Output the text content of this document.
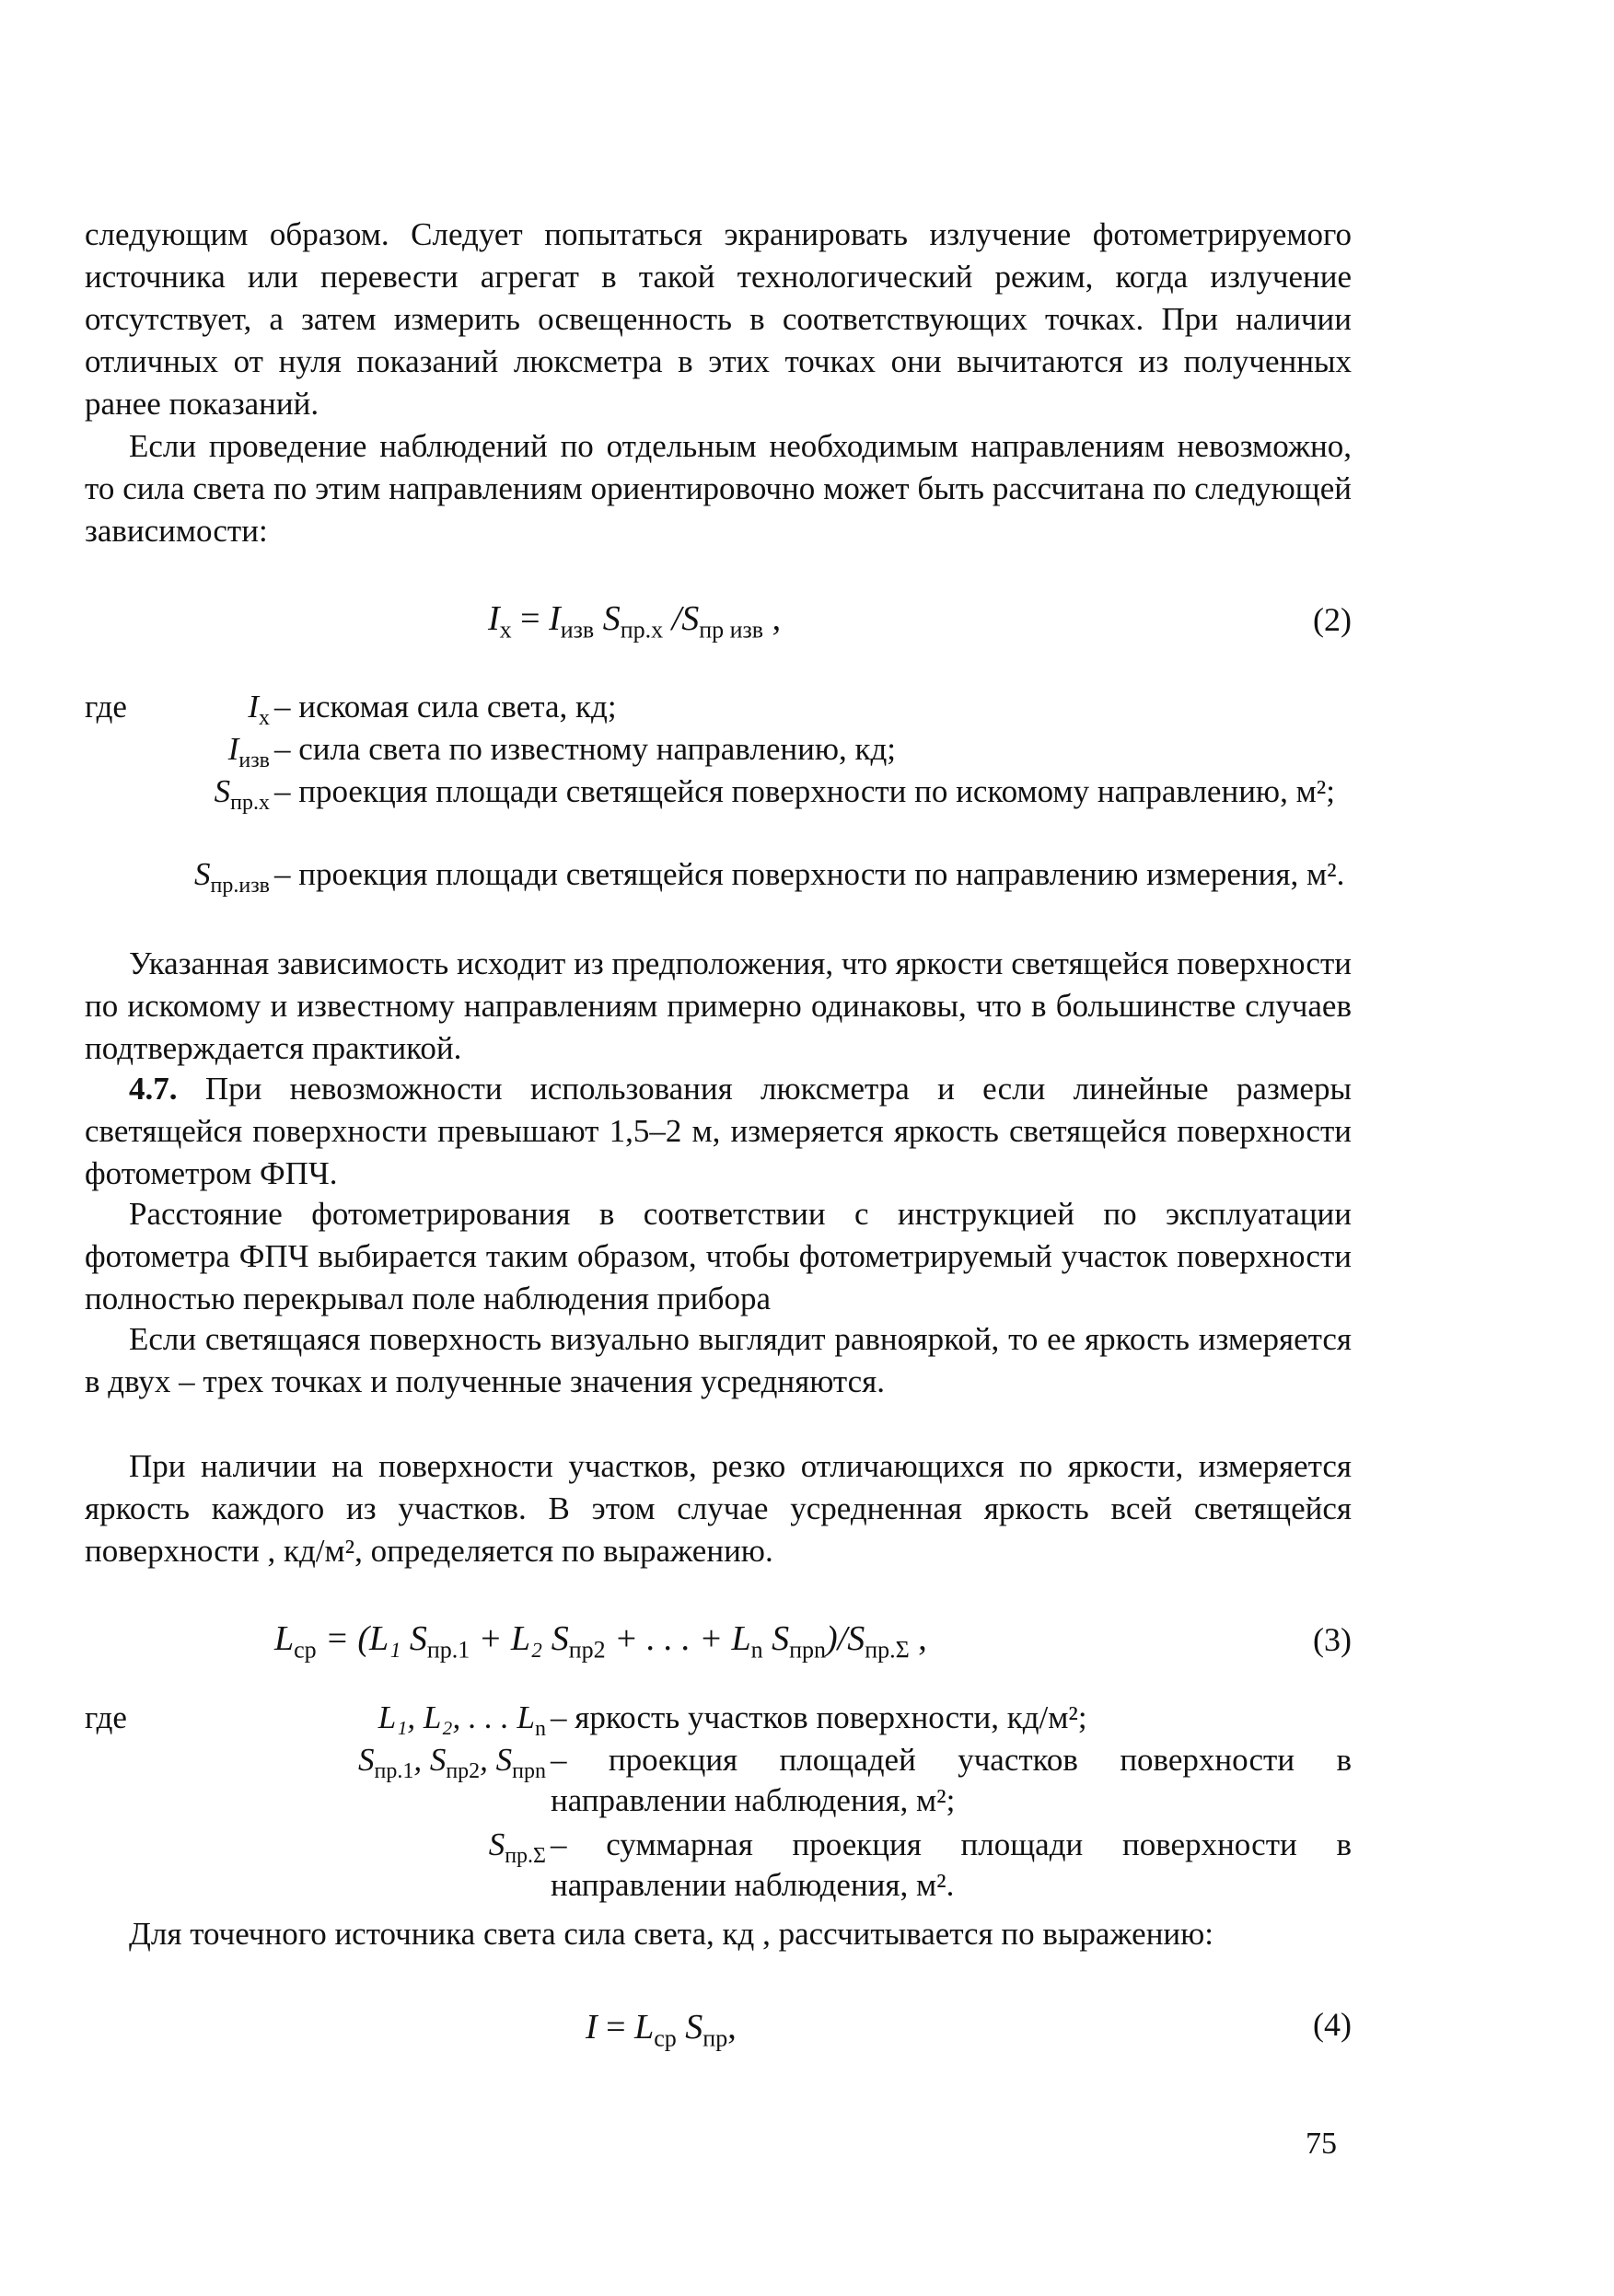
следующим образом. Следует попытаться экранировать излучение фотометрируемого источника или перевести агрегат в такой технологический режим, когда излучение отсутствует, а затем измерить освещенность в соответствующих точках. При наличии отличных от нуля показаний люксметра в этих точках они вычитаются из полученных ранее показаний.

Если проведение наблюдений по отдельным необходимым направлениям невозможно, то сила света по этим направлениям ориентировочно может быть рассчитана по следующей зависимости:

$I_x = I_{изв}$ $S_{пр.x}$ $/S_{пр изв}$ ,	(2)
где	$I_x$ – искомая сила света, кд;
$I_{изв}$ – сила света по известному направлению, кд;
$S_{пр.x}$ – проекция площади светящейся поверхности по искомому направлению, м²;
$S_{пр.изв}$ – проекция площади светящейся поверхности по направлению измерения, м².

Указанная зависимость исходит из предположения, что яркости светящейся поверхности по искомому и известному направлениям примерно одинаковы, что в большинстве случаев подтверждается практикой.

4.7. При невозможности использования люксметра и если линейные размеры светящейся поверхности превышают 1,5–2 м, измеряется яркость светящейся поверхности фотометром ФПЧ.

Расстояние фотометрирования в соответствии с инструкцией по эксплуатации фотометра ФПЧ выбирается таким образом, чтобы фотометрируемый участок поверхности полностью перекрывал поле наблюдения прибора

Если светящаяся поверхность визуально выглядит равнояркой, то ее яркость измеряется в двух – трех точках и полученные значения усредняются.

При наличии на поверхности участков, резко отличающихся по яркости, измеряется яркость каждого из участков. В этом случае усредненная яркость всей светящейся поверхности , кд/м², определяется по выражению.

$L_{ср} = (L_1$ $S_{пр.1} + L_2$ $S_{пр2}$ + . . . + $L_n$ $S_{прn})/S_{пр.\Sigma}$ ,	(3)
где	L₁, L₂, . . . $L_n$ – яркость участков поверхности, кд/м²;
$S_{пр.1}$, $S_{пр2}$, $S_{прn}$ – проекция площадей участков поверхности в направлении наблюдения, м²;
$S_{пр.\Sigma}$ – суммарная проекция площади поверхности в направлении наблюдения, м².

Для точечного источника света сила света, кд , рассчитывается по выражению:

$I = L_{ср}$ $S_{пр}$,	(4)
75
